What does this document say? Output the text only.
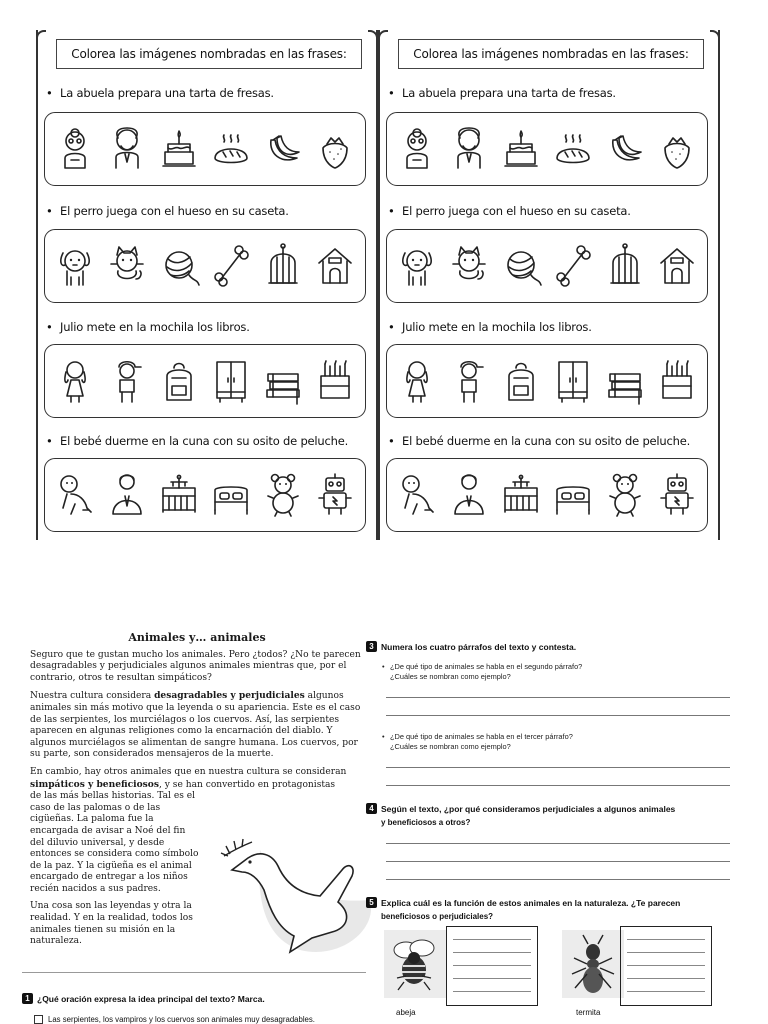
Colorea las imágenes nombradas en las frases:
• La abuela prepara una tarta de fresas.
• El perro juega con el hueso en su caseta.
• Julio mete en la mochila los libros.
• El bebé duerme en la cuna con su osito de peluche.
Colorea las imágenes nombradas en las frases:
• La abuela prepara una tarta de fresas.
• El perro juega con el hueso en su caseta.
• Julio mete en la mochila los libros.
• El bebé duerme en la cuna con su osito de peluche.
Animales y… animales

Seguro que te gustan mucho los animales. Pero ¿todos? ¿No te parecen desagradables y perjudiciales algunos animales mientras que, por el contrario, otros te resultan simpáticos?

Nuestra cultura considera desagradables y perjudiciales algunos animales sin más motivo que la leyenda o su apariencia. Este es el caso de las serpientes, los murciélagos o los cuervos. Así, las serpientes aparecen en algunas religiones como la encarnación del diablo. Y algunos murciélagos se alimentan de sangre humana. Los cuervos, por su parte, son considerados mensajeros de la muerte.

En cambio, hay otros animales que en nuestra cultura se consideran simpáticos y beneficiosos, y se han convertido en protagonistas

de las más bellas historias. Tal es el caso de las palomas o de las cigüeñas. La paloma fue la encargada de avisar a Noé del fin del diluvio universal, y desde entonces se considera como símbolo de la paz. Y la cigüeña es el animal encargado de entregar a los niños recién nacidos a sus padres.

Una cosa son las leyendas y otra la realidad. Y en la realidad, todos los animales tienen su misión en la naturaleza.

1 ¿Qué oración expresa la idea principal del texto? Marca.
Las serpientes, los vampiros y los cuervos son animales muy desagradables.
3 Numera los cuatro párrafos del texto y contesta.
• ¿De qué tipo de animales se habla en el segundo párrafo?
¿Cuáles se nombran como ejemplo?
• ¿De qué tipo de animales se habla en el tercer párrafo?
¿Cuáles se nombran como ejemplo?
4 Según el texto, ¿por qué consideramos perjudiciales a algunos animales
y beneficiosos a otros?
5 Explica cuál es la función de estos animales en la naturaleza. ¿Te parecen
beneficiosos o perjudiciales?
abeja	termita
